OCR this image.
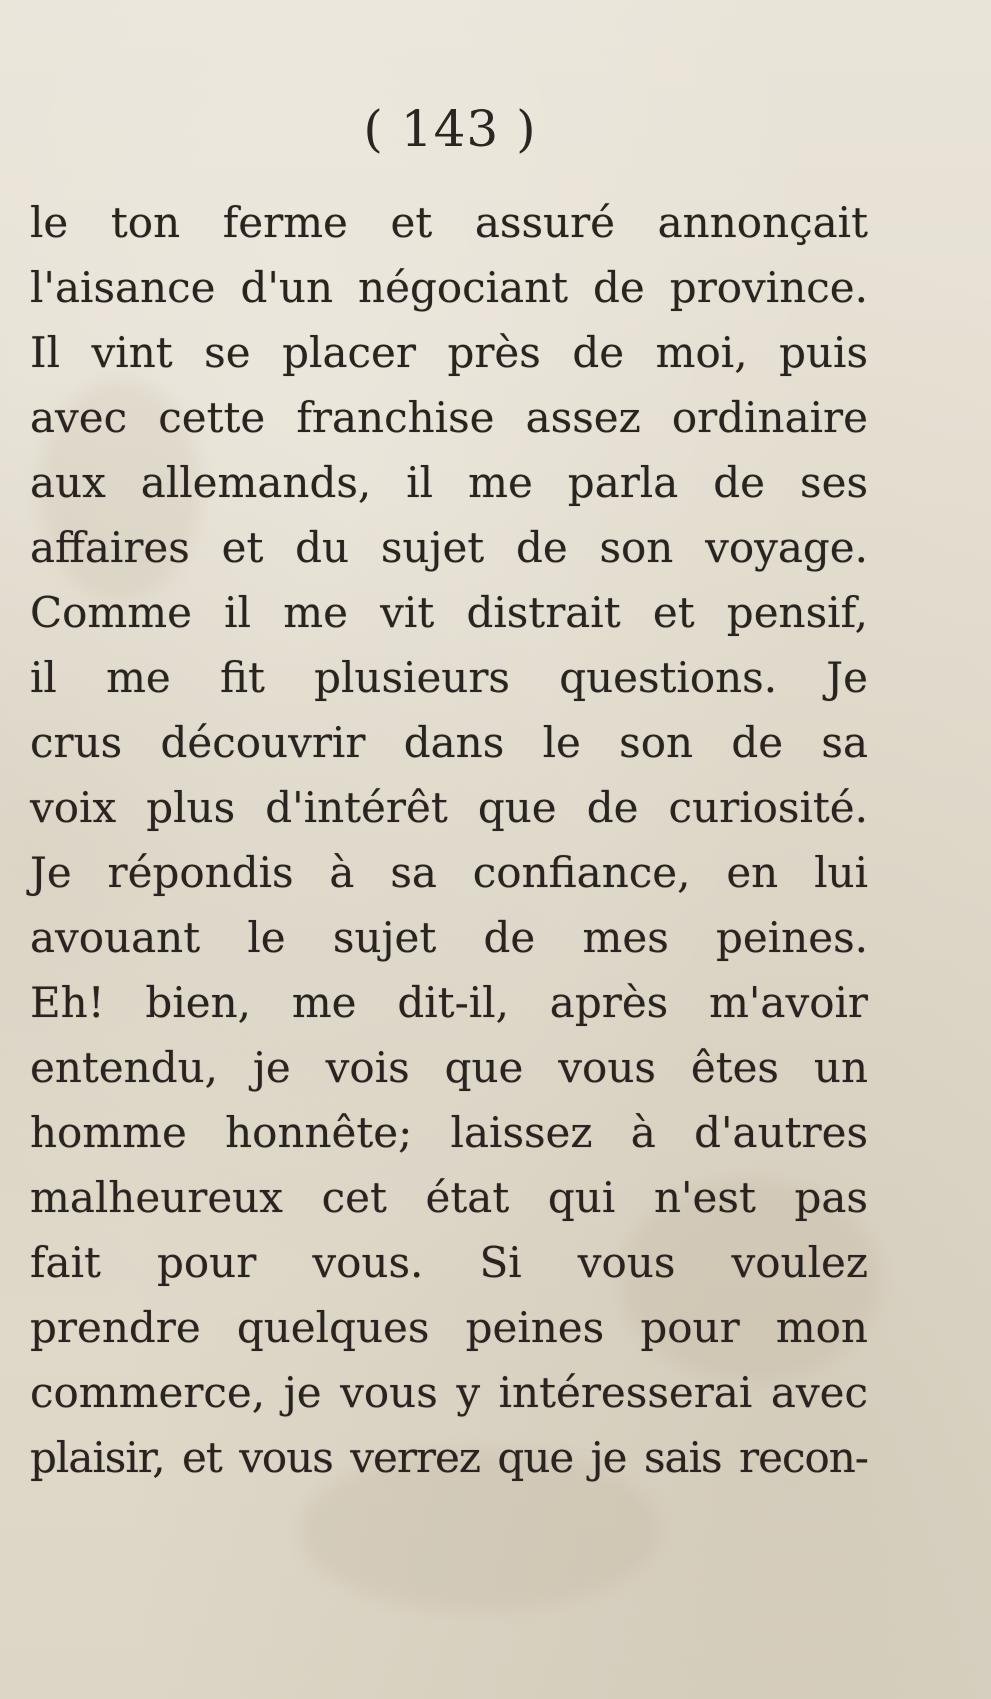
( 143 )
le ton ferme et assuré annonçait
l'aisance d'un négociant de province.
Il vint se placer près de moi, puis
avec cette franchise assez ordinaire
aux allemands, il me parla de ses
affaires et du sujet de son voyage.
Comme il me vit distrait et pensif,
il me fit plusieurs questions. Je
crus découvrir dans le son de sa
voix plus d'intérêt que de curiosité.
Je répondis à sa confiance, en lui
avouant le sujet de mes peines.
Eh! bien, me dit-il, après m'avoir
entendu, je vois que vous êtes un
homme honnête; laissez à d'autres
malheureux cet état qui n'est pas
fait pour vous. Si vous voulez
prendre quelques peines pour mon
commerce, je vous y intéresserai avec
plaisir, et vous verrez que je sais recon-
